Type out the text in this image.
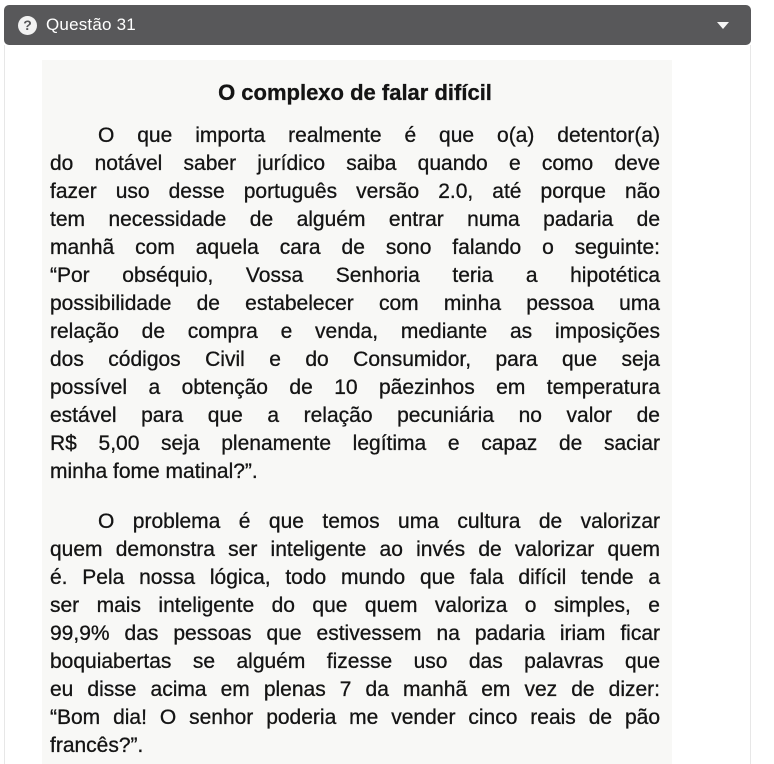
? Questão 31
O complexo de falar difícil
O que importa realmente é que o(a) detentor(a)
do notável saber jurídico saiba quando e como deve
fazer uso desse português versão 2.0, até porque não
tem necessidade de alguém entrar numa padaria de
manhã com aquela cara de sono falando o seguinte:
“Por obséquio, Vossa Senhoria teria a hipotética
possibilidade de estabelecer com minha pessoa uma
relação de compra e venda, mediante as imposições
dos códigos Civil e do Consumidor, para que seja
possível a obtenção de 10 pãezinhos em temperatura
estável para que a relação pecuniária no valor de
R$ 5,00 seja plenamente legítima e capaz de saciar
minha fome matinal?”.
O problema é que temos uma cultura de valorizar
quem demonstra ser inteligente ao invés de valorizar quem
é. Pela nossa lógica, todo mundo que fala difícil tende a
ser mais inteligente do que quem valoriza o simples, e
99,9% das pessoas que estivessem na padaria iriam ficar
boquiabertas se alguém fizesse uso das palavras que
eu disse acima em plenas 7 da manhã em vez de dizer:
“Bom dia! O senhor poderia me vender cinco reais de pão
francês?”.
